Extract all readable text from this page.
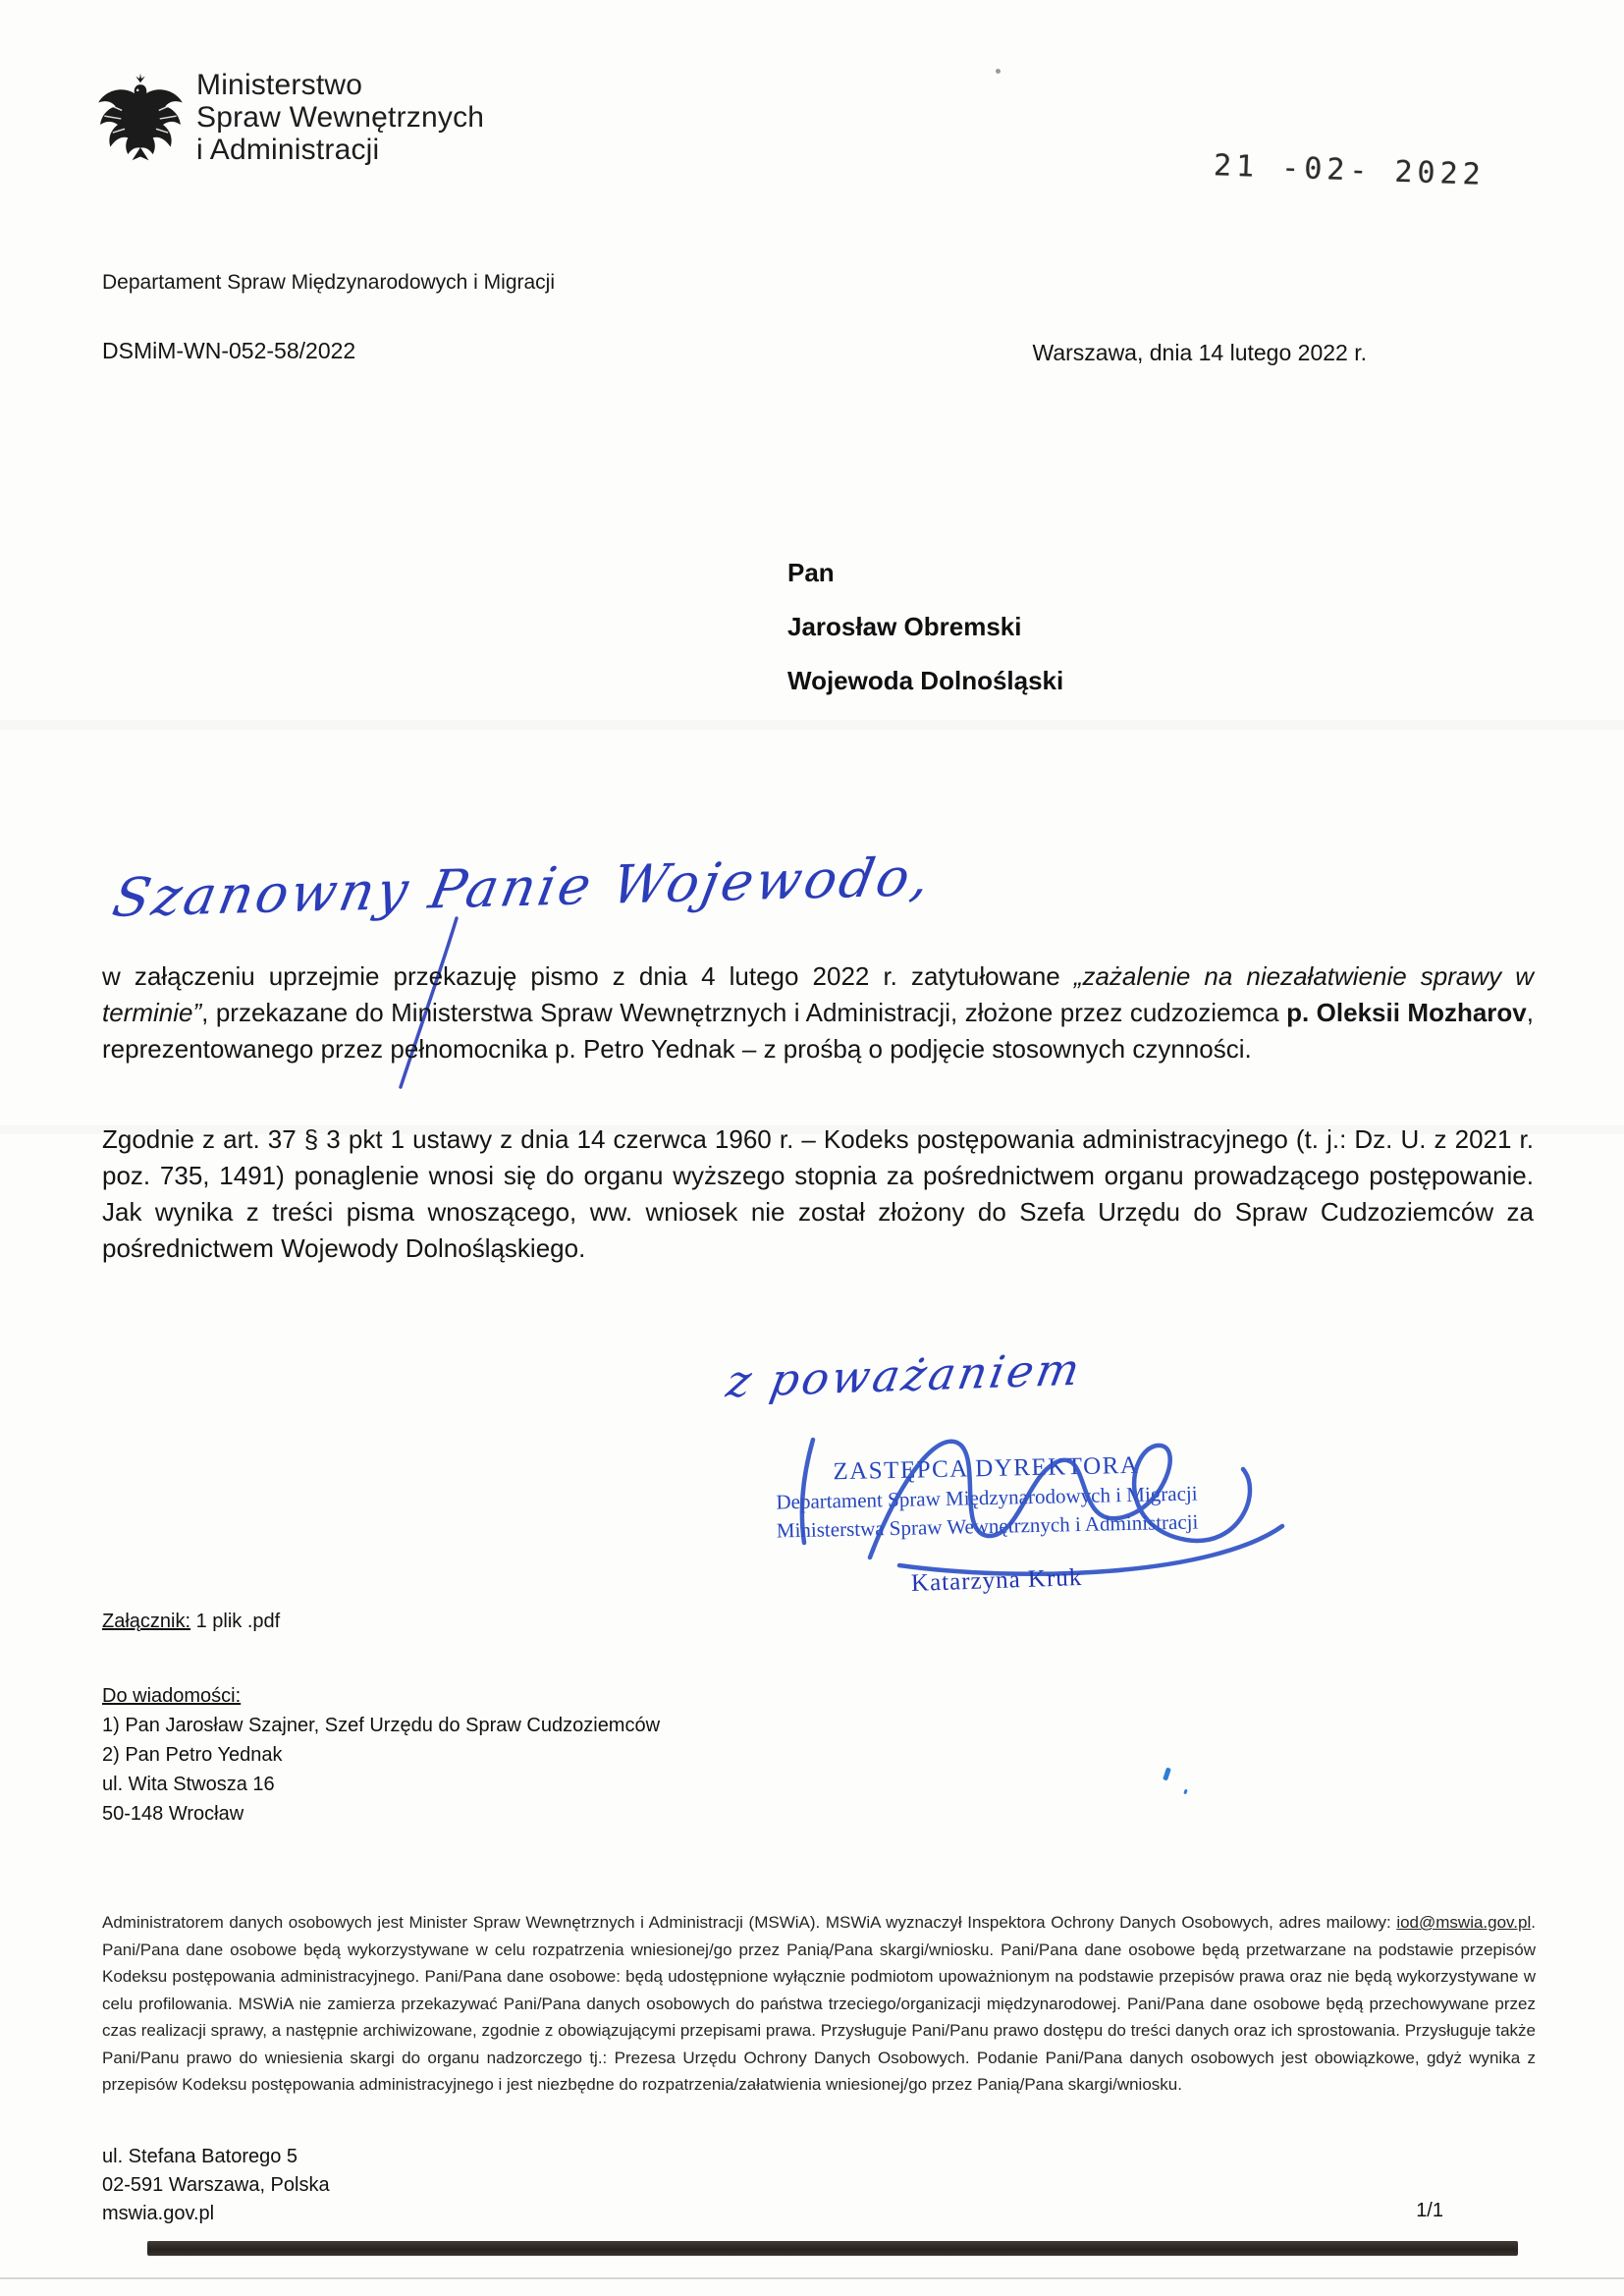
Ministerstwo
Spraw Wewnętrznych
i Administracji	21 -02- 2022
Departament Spraw Międzynarodowych i Migracji
DSMiM-WN-052-58/2022	Warszawa, dnia 14 lutego 2022 r.
Pan
Jarosław Obremski
Wojewoda Dolnośląski
Szanowny Panie Wojewodo,

w załączeniu uprzejmie przekazuję pismo z dnia 4 lutego 2022 r. zatytułowane „zażalenie na niezałatwienie sprawy w terminie”, przekazane do Ministerstwa Spraw Wewnętrznych i Administracji, złożone przez cudzoziemca p. Oleksii Mozharov, reprezentowanego przez pełnomocnika p. Petro Yednak – z prośbą o podjęcie stosownych czynności.

Zgodnie z art. 37 § 3 pkt 1 ustawy z dnia 14 czerwca 1960 r. – Kodeks postępowania administracyjnego (t. j.: Dz. U. z 2021 r. poz. 735, 1491) ponaglenie wnosi się do organu wyższego stopnia za pośrednictwem organu prowadzącego postępowanie. Jak wynika z treści pisma wnoszącego, ww. wniosek nie został złożony do Szefa Urzędu do Spraw Cudzoziemców za pośrednictwem Wojewody Dolnośląskiego.

z poważaniem
ZASTĘPCA DYREKTORA
Departament Spraw Międzynarodowych i Migracji
Ministerstwa Spraw Wewnętrznych i Administracji
Katarzyna Kruk
Załącznik: 1 plik .pdf
Do wiadomości:
1) Pan Jarosław Szajner, Szef Urzędu do Spraw Cudzoziemców
2) Pan Petro Yednak
ul. Wita Stwosza 16
50-148 Wrocław

Administratorem danych osobowych jest Minister Spraw Wewnętrznych i Administracji (MSWiA). MSWiA wyznaczył Inspektora Ochrony Danych Osobowych, adres mailowy: iod@mswia.gov.pl. Pani/Pana dane osobowe będą wykorzystywane w celu rozpatrzenia wniesionej/go przez Panią/Pana skargi/wniosku. Pani/Pana dane osobowe będą przetwarzane na podstawie przepisów Kodeksu postępowania administracyjnego. Pani/Pana dane osobowe: będą udostępnione wyłącznie podmiotom upoważnionym na podstawie przepisów prawa oraz nie będą wykorzystywane w celu profilowania. MSWiA nie zamierza przekazywać Pani/Pana danych osobowych do państwa trzeciego/organizacji międzynarodowej. Pani/Pana dane osobowe będą przechowywane przez czas realizacji sprawy, a następnie archiwizowane, zgodnie z obowiązującymi przepisami prawa. Przysługuje Pani/Panu prawo dostępu do treści danych oraz ich sprostowania. Przysługuje także Pani/Panu prawo do wniesienia skargi do organu nadzorczego tj.: Prezesa Urzędu Ochrony Danych Osobowych. Podanie Pani/Pana danych osobowych jest obowiązkowe, gdyż wynika z przepisów Kodeksu postępowania administracyjnego i jest niezbędne do rozpatrzenia/załatwienia wniesionej/go przez Panią/Pana skargi/wniosku.

ul. Stefana Batorego 5
02-591 Warszawa, Polska
mswia.gov.pl	1/1
